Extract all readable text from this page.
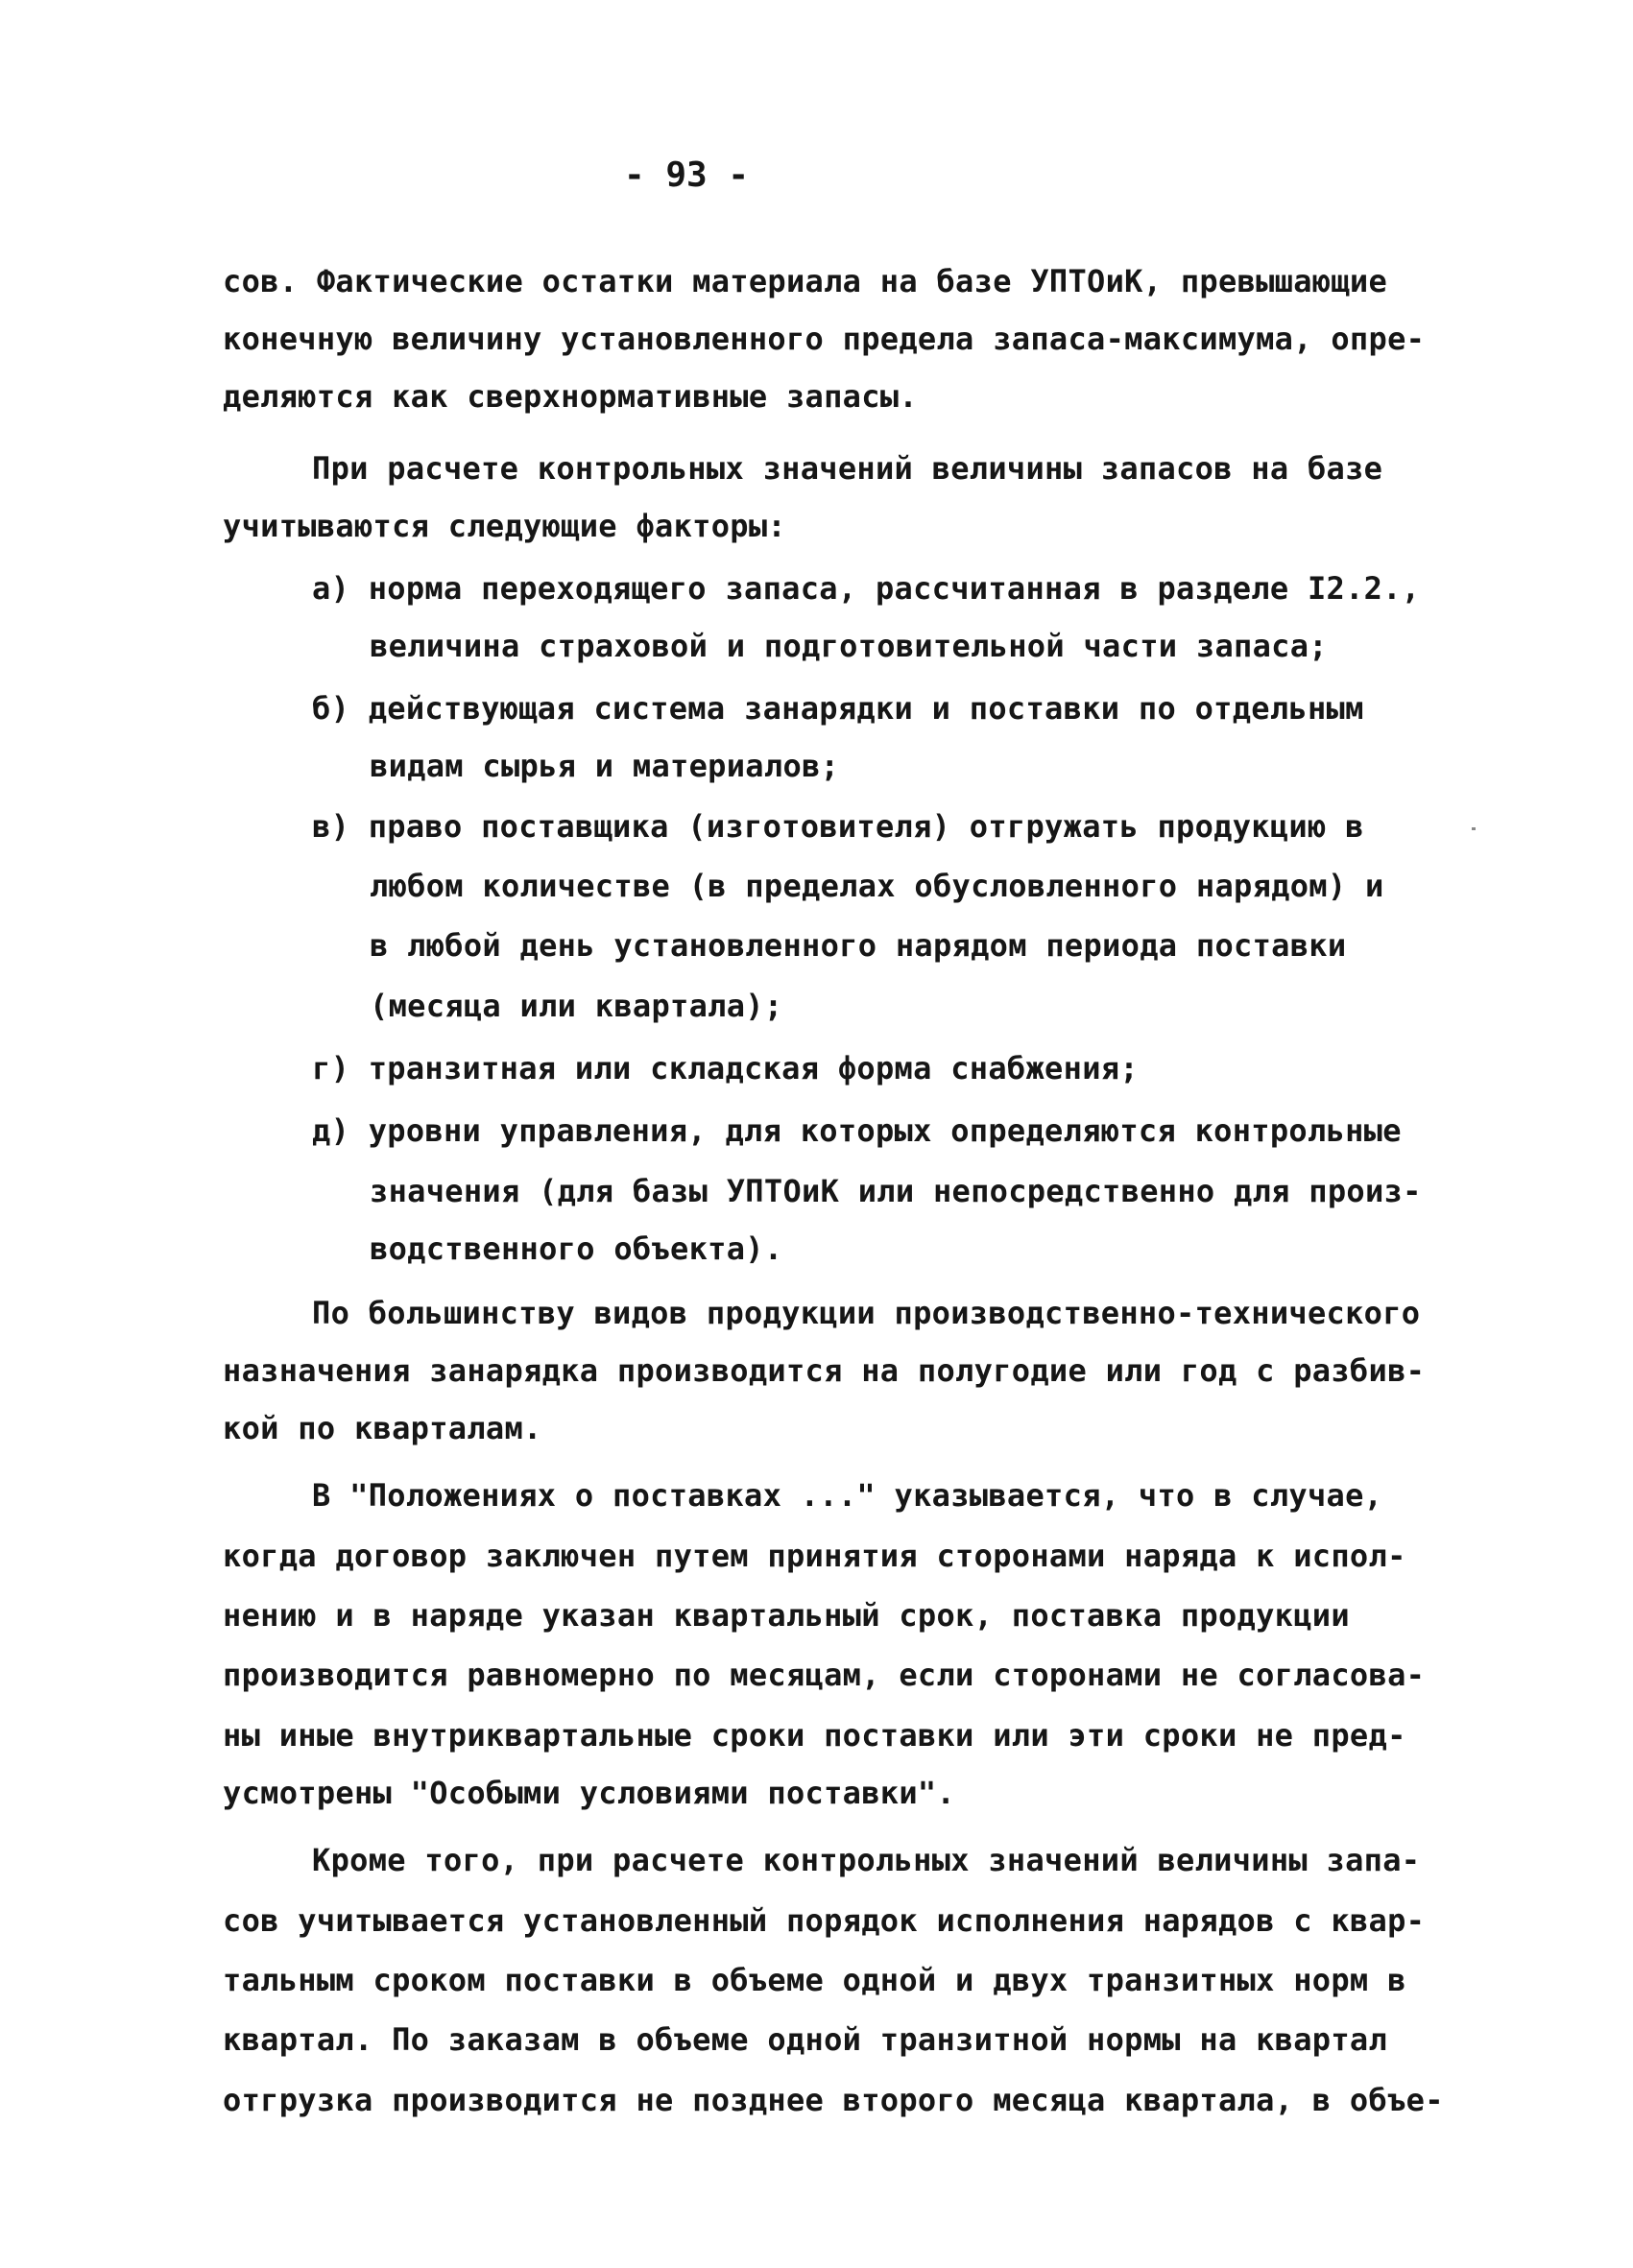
- 93 -
сов. Фактические остатки материала на базе УПТОиК, превышающие
конечную величину установленного предела запаса-максимума, опре-
деляются как сверхнормативные запасы.
При расчете контрольных значений величины запасов на базе
учитываются следующие факторы:
а) норма переходящего запаса, рассчитанная в разделе I2.2.,
величина страховой и подготовительной части запаса;
б) действующая система занарядки и поставки по отдельным
видам сырья и материалов;
в) право поставщика (изготовителя) отгружать продукцию в
любом количестве (в пределах обусловленного нарядом) и
в любой день установленного нарядом периода поставки
(месяца или квартала);
г) транзитная или складская форма снабжения;
д) уровни управления, для которых определяются контрольные
значения (для базы УПТОиК или непосредственно для произ-
водственного объекта).
По большинству видов продукции производственно-технического
назначения занарядка производится на полугодие или год с разбив-
кой по кварталам.
В "Положениях о поставках ..." указывается, что в случае,
когда договор заключен путем принятия сторонами наряда к испол-
нению и в наряде указан квартальный срок, поставка продукции
производится равномерно по месяцам, если сторонами не согласова-
ны иные внутриквартальные сроки поставки или эти сроки не пред-
усмотрены "Особыми условиями поставки".
Кроме того, при расчете контрольных значений величины запа-
сов учитывается установленный порядок исполнения нарядов с квар-
тальным сроком поставки в объеме одной и двух транзитных норм в
квартал. По заказам в объеме одной транзитной нормы на квартал
отгрузка производится не позднее второго месяца квартала, в объе-
